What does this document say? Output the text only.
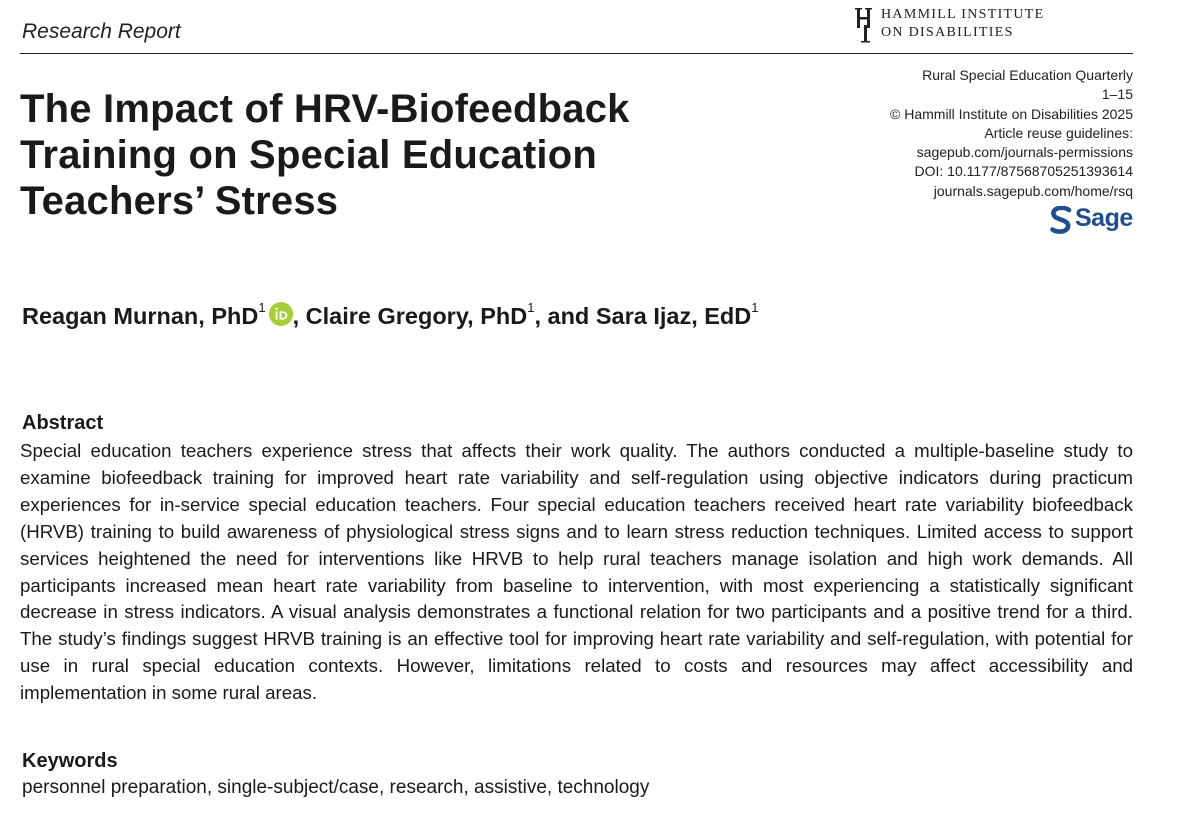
Research Report
HAMMILL INSTITUTE
ON DISABILITIES
The Impact of HRV-Biofeedback
Training on Special Education
Teachers’ Stress
Rural Special Education Quarterly
1–15
© Hammill Institute on Disabilities 2025
Article reuse guidelines:
sagepub.com/journals-permissions
DOI: 10.1177/87568705251393614
journals.sagepub.com/home/rsq
Sage
Reagan Murnan, PhD$^1$ , Claire Gregory, PhD$^1$, and Sara Ijaz, EdD$^1$
Abstract

Special education teachers experience stress that affects their work quality. The authors conducted a multiple-baseline study to examine biofeedback training for improved heart rate variability and self-regulation using objective indicators during practicum experiences for in-service special education teachers. Four special education teachers received heart rate variability biofeedback (HRVB) training to build awareness of physiological stress signs and to learn stress reduction techniques. Limited access to support services heightened the need for interventions like HRVB to help rural teachers manage isolation and high work demands. All participants increased mean heart rate variability from baseline to intervention, with most experiencing a statistically significant decrease in stress indicators. A visual analysis demonstrates a functional relation for two participants and a positive trend for a third. The study’s findings suggest HRVB training is an effective tool for improving heart rate variability and self-regulation, with potential for use in rural special education contexts. However, limitations related to costs and resources may affect accessibility and implementation in some rural areas.

Keywords
personnel preparation, single-subject/case, research, assistive, technology
